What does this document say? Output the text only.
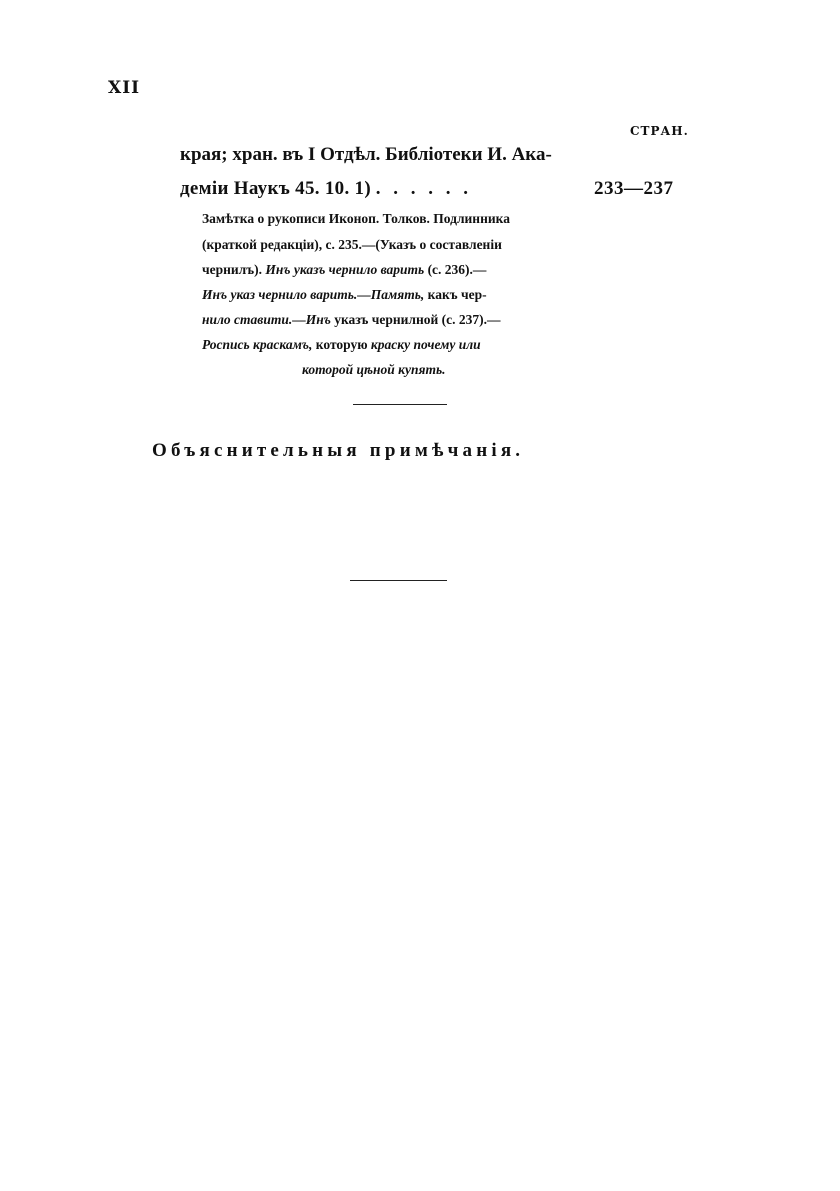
XII
СТРАН.
края; хран. въ I Отдѣл. Библіотеки И. Ака-
деміи Наукъ 45. 10. 1) . . . . . .	233—237
Замѣтка о рукописи Иконоп. Толков. Подлинника
(краткой редакціи), с. 235.—(Указъ о составленіи
чернилъ). Инъ указъ чернило варить (с. 236).—
Инъ указ чернило варить.—Память, какъ чер-
нило ставити.—Инъ указъ чернилной (с. 237).—
Роспись краскамъ, которую краску почему или
которой цѣной купять.
Объяснительныя примѣчанія.
